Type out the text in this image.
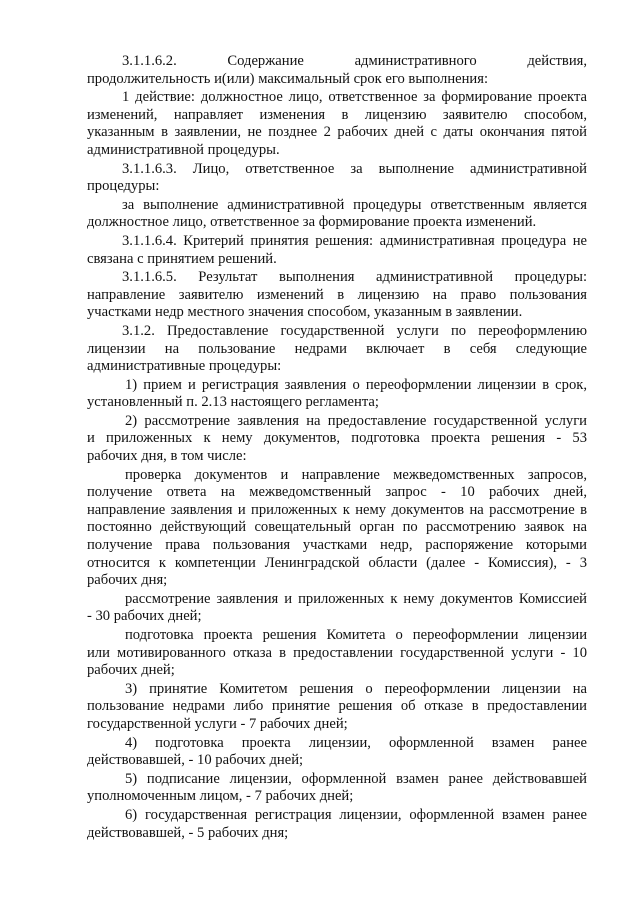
3.1.1.6.2. Содержание административного действия,
продолжительность и(или) максимальный срок его выполнения:
1 действие: должностное лицо, ответственное за формирование проекта
изменений, направляет изменения в лицензию заявителю способом,
указанным в заявлении, не позднее 2 рабочих дней с даты окончания пятой
административной процедуры.
3.1.1.6.3. Лицо, ответственное за выполнение административной
процедуры:
за выполнение административной процедуры ответственным является
должностное лицо, ответственное за формирование проекта изменений.
3.1.1.6.4. Критерий принятия решения: административная процедура не
связана с принятием решений.
3.1.1.6.5. Результат выполнения административной процедуры:
направление заявителю изменений в лицензию на право пользования
участками недр местного значения способом, указанным в заявлении.
3.1.2. Предоставление государственной услуги по переоформлению
лицензии на пользование недрами включает в себя следующие
административные процедуры:
1) прием и регистрация заявления о переоформлении лицензии в срок,
установленный п. 2.13 настоящего регламента;
2) рассмотрение заявления на предоставление государственной услуги
и приложенных к нему документов, подготовка проекта решения - 53
рабочих дня, в том числе:
проверка документов и направление межведомственных запросов,
получение ответа на межведомственный запрос - 10 рабочих дней,
направление заявления и приложенных к нему документов на рассмотрение в
постоянно действующий совещательный орган по рассмотрению заявок на
получение права пользования участками недр, распоряжение которыми
относится к компетенции Ленинградской области (далее - Комиссия), - 3
рабочих дня;
рассмотрение заявления и приложенных к нему документов Комиссией
- 30 рабочих дней;
подготовка проекта решения Комитета о переоформлении лицензии
или мотивированного отказа в предоставлении государственной услуги - 10
рабочих дней;
3) принятие Комитетом решения о переоформлении лицензии на
пользование недрами либо принятие решения об отказе в предоставлении
государственной услуги - 7 рабочих дней;
4) подготовка проекта лицензии, оформленной взамен ранее
действовавшей, - 10 рабочих дней;
5) подписание лицензии, оформленной взамен ранее действовавшей
уполномоченным лицом, - 7 рабочих дней;
6) государственная регистрация лицензии, оформленной взамен ранее
действовавшей, - 5 рабочих дня;
